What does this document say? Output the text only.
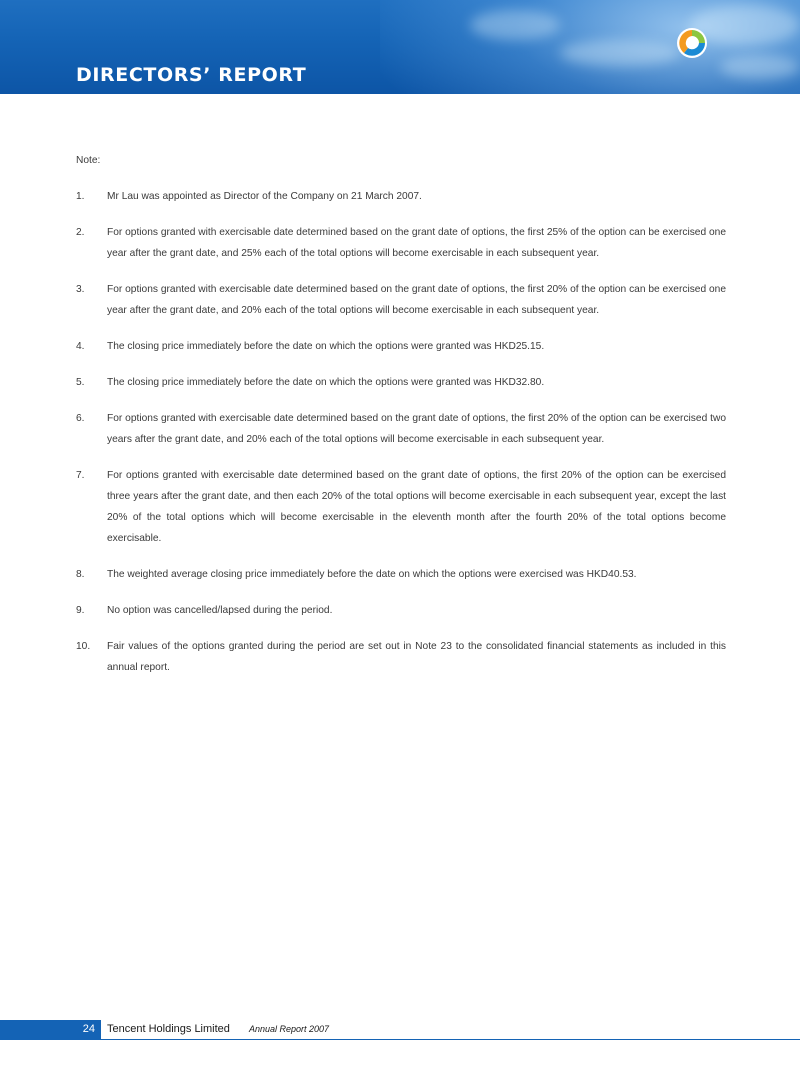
DIRECTORS’ REPORT

Note:

1.	Mr Lau was appointed as Director of the Company on 21 March 2007.
2.	For options granted with exercisable date determined based on the grant date of options, the first 25% of the option can be exercised one year after the grant date, and 25% each of the total options will become exercisable in each subsequent year.
3.	For options granted with exercisable date determined based on the grant date of options, the first 20% of the option can be exercised one year after the grant date, and 20% each of the total options will become exercisable in each subsequent year.
4.	The closing price immediately before the date on which the options were granted was HKD25.15.
5.	The closing price immediately before the date on which the options were granted was HKD32.80.
6.	For options granted with exercisable date determined based on the grant date of options, the first 20% of the option can be exercised two years after the grant date, and 20% each of the total options will become exercisable in each subsequent year.
7.	For options granted with exercisable date determined based on the grant date of options, the first 20% of the option can be exercised three years after the grant date, and then each 20% of the total options will become exercisable in each subsequent year, except the last 20% of the total options which will become exercisable in the eleventh month after the fourth 20% of the total options become exercisable.
8.	The weighted average closing price immediately before the date on which the options were exercised was HKD40.53.
9.	No option was cancelled/lapsed during the period.
10.	Fair values of the options granted during the period are set out in Note 23 to the consolidated financial statements as included in this annual report.
24 Tencent Holdings Limited Annual Report 2007
